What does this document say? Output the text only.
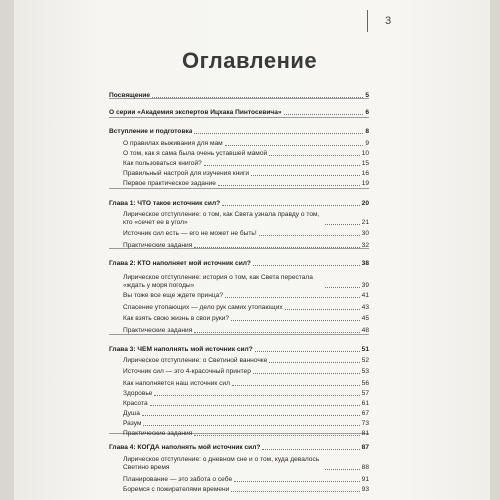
3
Оглавление
Посвящение	5
О серии «Академия экспертов Ицхака Пинтосевича»	6
Вступление и подготовка	8
О правилах выживания для мам	9
О том, как я сама была очень уставшей мамой	10
Как пользоваться книгой?	15
Правильный настрой для изучения книги	16
Первое практическое задание	19
Глава 1: ЧТО такое источник сил?	20
Лирическое отступление: о том, как Света узнала правду о том, кто «сечет ее в угол»	21
Источник сил есть — его не может не быть!	30
Практические задания	32
Глава 2: КТО наполняет мой источник сил?	38
Лирическое отступление: история о том, как Света перестала «ждать у моря погоды»	39
Вы тоже все еще ждете принца?	41
Спасение утопающих — дело рук самих утопающих	43
Как взять свою жизнь в свои руки?	45
Практические задания	48
Глава 3: ЧЕМ наполнять мой источник сил?	51
Лирическое отступление: о Светиной ванночке	52
Источник сил — это 4-красочный принтер	53
Как наполняется наш источник сил	56
Здоровье	57
Красота	61
Душа	67
Разум	73
Практические задания	81
Глава 4: КОГДА наполнять мой источник сил?	87
Лирическое отступление: о дневном сне и о том, куда девалось Светино время	88
Планирование — это забота о себе	91
Боремся с пожирателями времени	93
